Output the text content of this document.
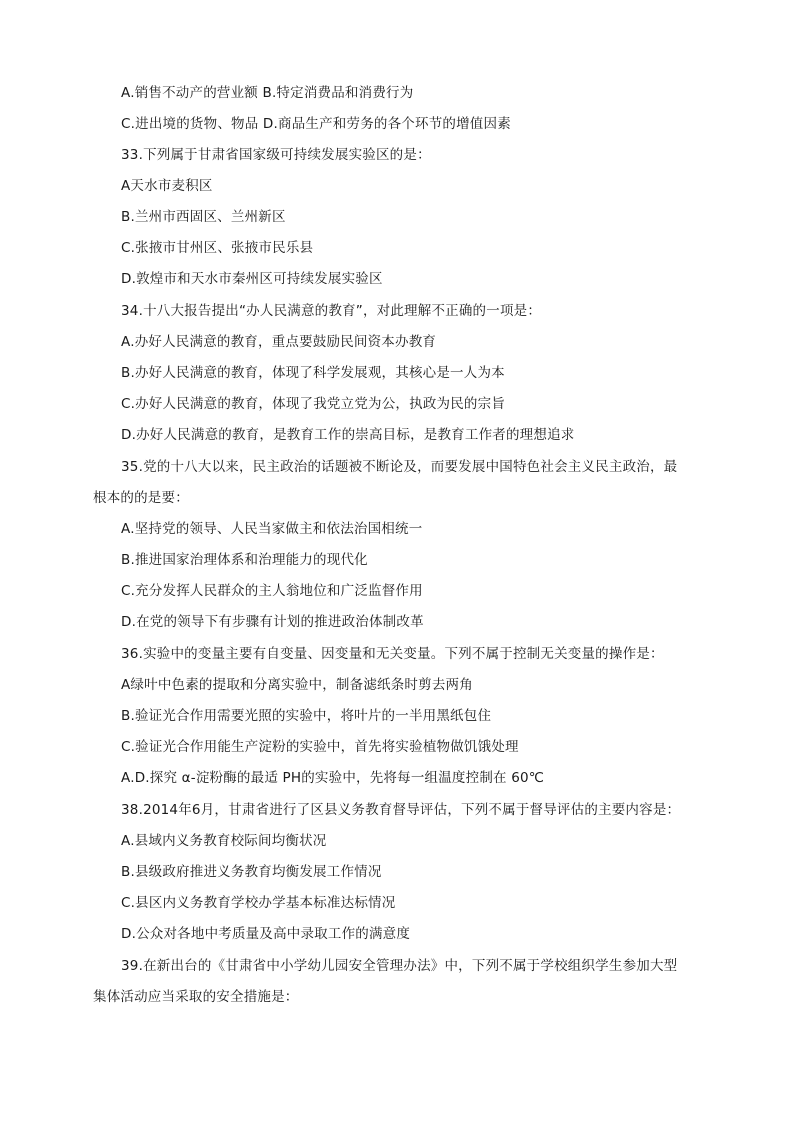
A.销售不动产的营业额 B.特定消费品和消费行为
C.进出境的货物、物品 D.商品生产和劳务的各个环节的增值因素
33.下列属于甘肃省国家级可持续发展实验区的是：
A天水市麦积区
B.兰州市西固区、兰州新区
C.张掖市甘州区、张掖市民乐县
D.敦煌市和天水市秦州区可持续发展实验区
34.十八大报告提出“办人民满意的教育”，对此理解不正确的一项是：
A.办好人民满意的教育，重点要鼓励民间资本办教育
B.办好人民满意的教育，体现了科学发展观，其核心是一人为本
C.办好人民满意的教育，体现了我党立党为公，执政为民的宗旨
D.办好人民满意的教育，是教育工作的崇高目标，是教育工作者的理想追求
35.党的十八大以来，民主政治的话题被不断论及，而要发展中国特色社会主义民主政治，最
根本的的是要：
A.坚持党的领导、人民当家做主和依法治国相统一
B.推进国家治理体系和治理能力的现代化
C.充分发挥人民群众的主人翁地位和广泛监督作用
D.在党的领导下有步骤有计划的推进政治体制改革
36.实验中的变量主要有自变量、因变量和无关变量。下列不属于控制无关变量的操作是：
A绿叶中色素的提取和分离实验中，制备滤纸条时剪去两角
B.验证光合作用需要光照的实验中，将叶片的一半用黑纸包住
C.验证光合作用能生产淀粉的实验中，首先将实验植物做饥饿处理
A.D.探究 α-淀粉酶的最适 PH的实验中，先将每一组温度控制在 60℃
38.2014年6月，甘肃省进行了区县义务教育督导评估，下列不属于督导评估的主要内容是：
A.县域内义务教育校际间均衡状况
B.县级政府推进义务教育均衡发展工作情况
C.县区内义务教育学校办学基本标准达标情况
D.公众对各地中考质量及高中录取工作的满意度
39.在新出台的《甘肃省中小学幼儿园安全管理办法》中，下列不属于学校组织学生参加大型
集体活动应当采取的安全措施是：
